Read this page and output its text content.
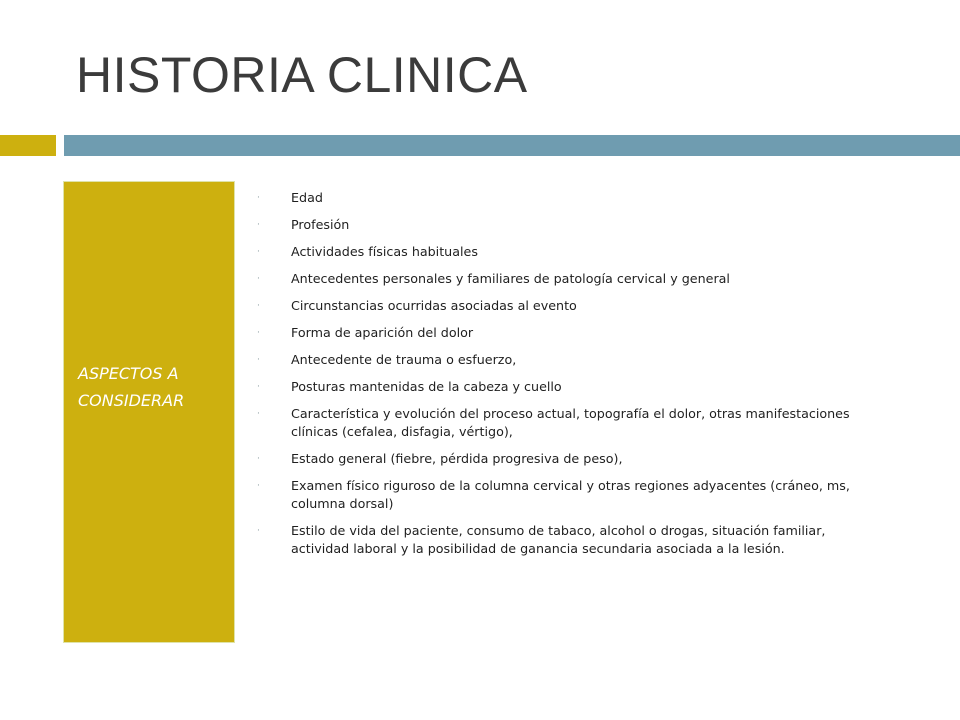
HISTORIA CLINICA

ASPECTOS A CONSIDERAR

· Edad
· Profesión
· Actividades físicas habituales
· Antecedentes personales y familiares de patología cervical y general
· Circunstancias ocurridas asociadas al evento
· Forma de aparición del dolor
· Antecedente de trauma o esfuerzo,
· Posturas mantenidas de la cabeza y cuello
· Característica y evolución del proceso actual, topografía el dolor, otras manifestaciones clínicas (cefalea, disfagia, vértigo),
· Estado general (fiebre, pérdida progresiva de peso),
· Examen físico riguroso de la columna cervical y otras regiones adyacentes (cráneo, ms, columna dorsal)
· Estilo de vida del paciente, consumo de tabaco, alcohol o drogas, situación familiar, actividad laboral y la posibilidad de ganancia secundaria asociada a la lesión.
